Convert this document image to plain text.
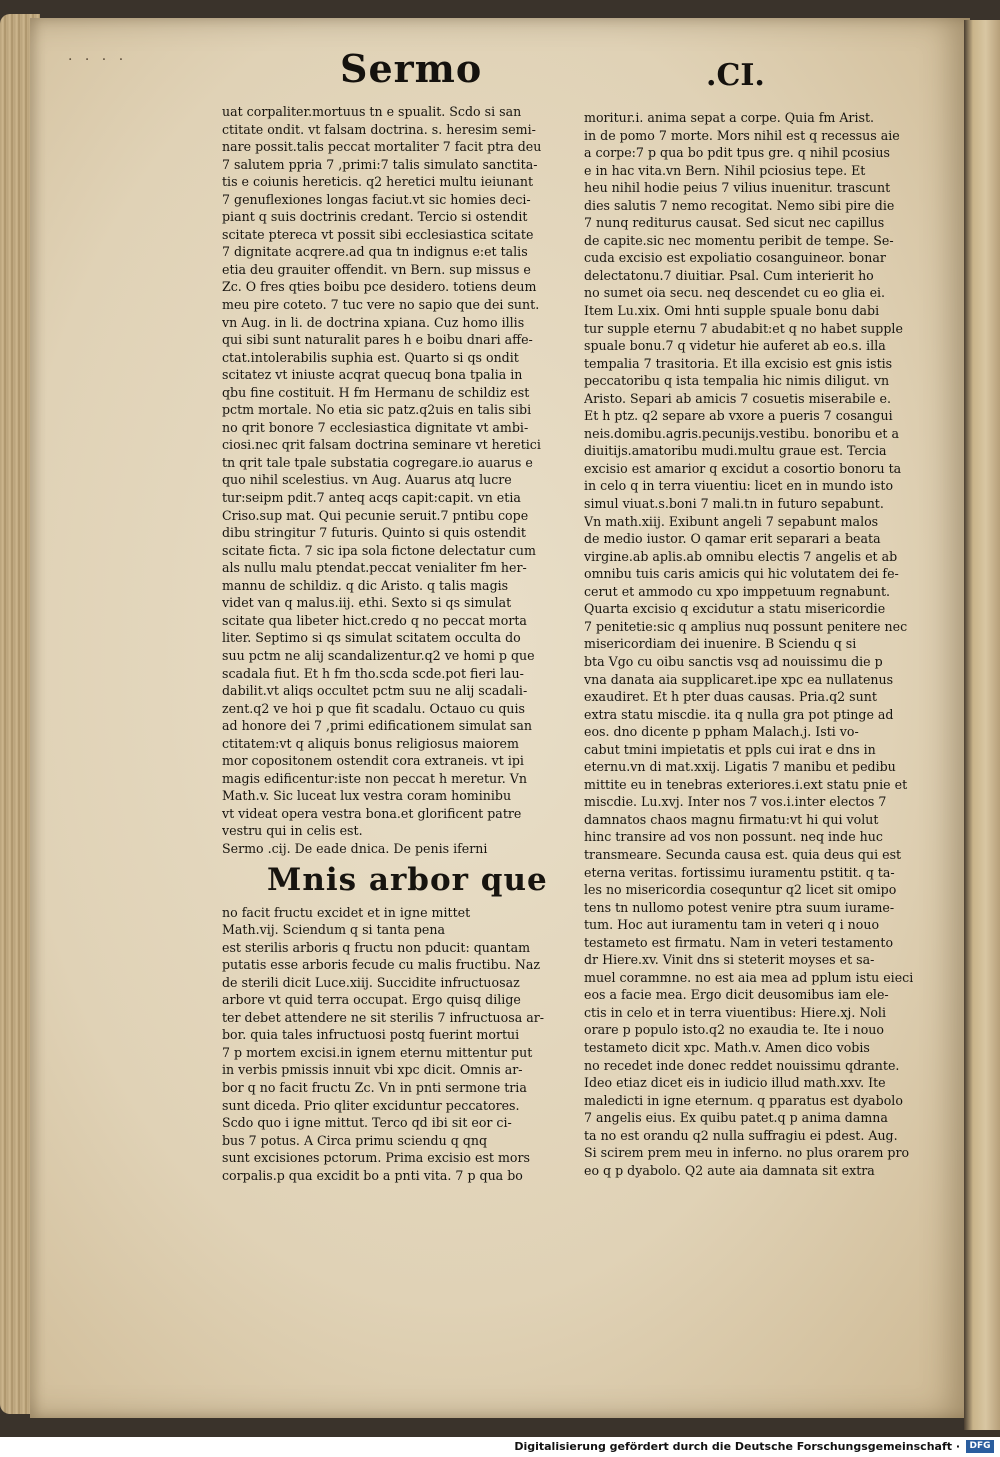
· · · ·	Sermo	.CI.
uat corpaliter.mortuus tn e spualit. Scdo si san
ctitate ondit. vt falsam doctrina. s. heresim semi-
nare possit.talis peccat mortaliter 7 facit ptra deu
7 salutem ppria 7 ,primi:7 talis simulato sanctita-
tis e coiunis hereticis. q2 heretici multu ieiunant
7 genuflexiones longas faciut.vt sic homies deci-
piant q suis doctrinis credant. Tercio si ostendit
scitate ptereca vt possit sibi ecclesiastica scitate
7 dignitate acqrere.ad qua tn indignus e:et talis
etia deu grauiter offendit. vn Bern. sup missus e
Zc. O fres qties boibu pce desidero. totiens deum
meu pire coteto. 7 tuc vere no sapio que dei sunt.
vn Aug. in li. de doctrina xpiana. Cuz homo illis
qui sibi sunt naturalit pares h e boibu dnari affe-
ctat.intolerabilis suphia est. Quarto si qs ondit
scitatez vt iniuste acqrat quecuq bona tpalia in
qbu fine costituit. H fm Hermanu de schildiz est
pctm mortale. No etia sic patz.q2uis en talis sibi
no qrit bonore 7 ecclesiastica dignitate vt ambi-
ciosi.nec qrit falsam doctrina seminare vt heretici
tn qrit tale tpale substatia cogregare.io auarus e
quo nihil scelestius. vn Aug. Auarus atq lucre
tur:seipm pdit.7 anteq acqs capit:capit. vn etia
Criso.sup mat. Qui pecunie seruit.7 pntibu cope
dibu stringitur 7 futuris. Quinto si quis ostendit
scitate ficta. 7 sic ipa sola fictone delectatur cum
als nullu malu ptendat.peccat venialiter fm her-
mannu de schildiz. q dic Aristo. q talis magis
videt van q malus.iij. ethi. Sexto si qs simulat
scitate qua libeter hict.credo q no peccat morta
liter. Septimo si qs simulat scitatem occulta do
suu pctm ne alij scandalizentur.q2 ve homi p que
scadala fiut. Et h fm tho.scda scde.pot fieri lau-
dabilit.vt aliqs occultet pctm suu ne alij scadali-
zent.q2 ve hoi p que fit scadalu. Octauo cu quis
ad honore dei 7 ,primi edificationem simulat san
ctitatem:vt q aliquis bonus religiosus maiorem
mor copositonem ostendit cora extraneis. vt ipi
magis edificentur:iste non peccat h meretur. Vn
Math.v. Sic luceat lux vestra coram hominibu
vt videat opera vestra bona.et glorificent patre
vestru qui in celis est.
Sermo .cij. De eade dnica. De penis iferni
Mnis arbor que
no facit fructu excidet et in igne mittet
Math.vij. Sciendum q si tanta pena
est sterilis arboris q fructu non pducit: quantam
putatis esse arboris fecude cu malis fructibu. Naz
de sterili dicit Luce.xiij. Succidite infructuosaz
arbore vt quid terra occupat. Ergo quisq dilige
ter debet attendere ne sit sterilis 7 infructuosa ar-
bor. quia tales infructuosi postq fuerint mortui
7 p mortem excisi.in ignem eternu mittentur put
in verbis pmissis innuit vbi xpc dicit. Omnis ar-
bor q no facit fructu Zc. Vn in pnti sermone tria
sunt diceda. Prio qliter exciduntur peccatores.
Scdo quo i igne mittut. Terco qd ibi sit eor ci-
bus 7 potus. A Circa primu sciendu q qnq
sunt excisiones pctorum. Prima excisio est mors
corpalis.p qua excidit bo a pnti vita. 7 p qua bo
moritur.i. anima sepat a corpe. Quia fm Arist.
in de pomo 7 morte. Mors nihil est q recessus aie
a corpe:7 p qua bo pdit tpus gre. q nihil pcosius
e in hac vita.vn Bern. Nihil pciosius tepe. Et
heu nihil hodie peius 7 vilius inuenitur. trascunt
dies salutis 7 nemo recogitat. Nemo sibi pire die
7 nunq rediturus causat. Sed sicut nec capillus
de capite.sic nec momentu peribit de tempe. Se-
cuda excisio est expoliatio cosanguineor. bonar
delectatonu.7 diuitiar. Psal. Cum interierit ho
no sumet oia secu. neq descendet cu eo glia ei.
Item Lu.xix. Omi hnti supple spuale bonu dabi
tur supple eternu 7 abudabit:et q no habet supple
spuale bonu.7 q videtur hie auferet ab eo.s. illa
tempalia 7 trasitoria. Et illa excisio est gnis istis
peccatoribu q ista tempalia hic nimis diligut. vn
Aristo. Separi ab amicis 7 cosuetis miserabile e.
Et h ptz. q2 separe ab vxore a pueris 7 cosangui
neis.domibu.agris.pecunijs.vestibu. bonoribu et a
diuitijs.amatoribu mudi.multu graue est. Tercia
excisio est amarior q excidut a cosortio bonoru ta
in celo q in terra viuentiu: licet en in mundo isto
simul viuat.s.boni 7 mali.tn in futuro sepabunt.
Vn math.xiij. Exibunt angeli 7 sepabunt malos
de medio iustor. O qamar erit separari a beata
virgine.ab aplis.ab omnibu electis 7 angelis et ab
omnibu tuis caris amicis qui hic volutatem dei fe-
cerut et ammodo cu xpo imppetuum regnabunt.
Quarta excisio q excidutur a statu misericordie
7 penitetie:sic q amplius nuq possunt penitere nec
misericordiam dei inuenire. B Sciendu q si
bta Vgo cu oibu sanctis vsq ad nouissimu die p
vna danata aia supplicaret.ipe xpc ea nullatenus
exaudiret. Et h pter duas causas. Pria.q2 sunt
extra statu miscdie. ita q nulla gra pot ptinge ad
eos. dno dicente p ppham Malach.j. Isti vo-
cabut tmini impietatis et ppls cui irat e dns in
eternu.vn di mat.xxij. Ligatis 7 manibu et pedibu
mittite eu in tenebras exteriores.i.ext statu pnie et
miscdie. Lu.xvj. Inter nos 7 vos.i.inter electos 7
damnatos chaos magnu firmatu:vt hi qui volut
hinc transire ad vos non possunt. neq inde huc
transmeare. Secunda causa est. quia deus qui est
eterna veritas. fortissimu iuramentu pstitit. q ta-
les no misericordia cosequntur q2 licet sit omipo
tens tn nullomo potest venire ptra suum iurame-
tum. Hoc aut iuramentu tam in veteri q i nouo
testameto est firmatu. Nam in veteri testamento
dr Hiere.xv. Vinit dns si steterit moyses et sa-
muel corammne. no est aia mea ad pplum istu eieci
eos a facie mea. Ergo dicit deusomibus iam ele-
ctis in celo et in terra viuentibus: Hiere.xj. Noli
orare p populo isto.q2 no exaudia te. Ite i nouo
testameto dicit xpc. Math.v. Amen dico vobis
no recedet inde donec reddet nouissimu qdrante.
Ideo etiaz dicet eis in iudicio illud math.xxv. Ite
maledicti in igne eternum. q pparatus est dyabolo
7 angelis eius. Ex quibu patet.q p anima damna
ta no est orandu q2 nulla suffragiu ei pdest. Aug.
Si scirem prem meu in inferno. no plus orarem pro
eo q p dyabolo. Q2 aute aia damnata sit extra
Digitalisierung gefördert durch die Deutsche Forschungsgemeinschaft ·	DFG
